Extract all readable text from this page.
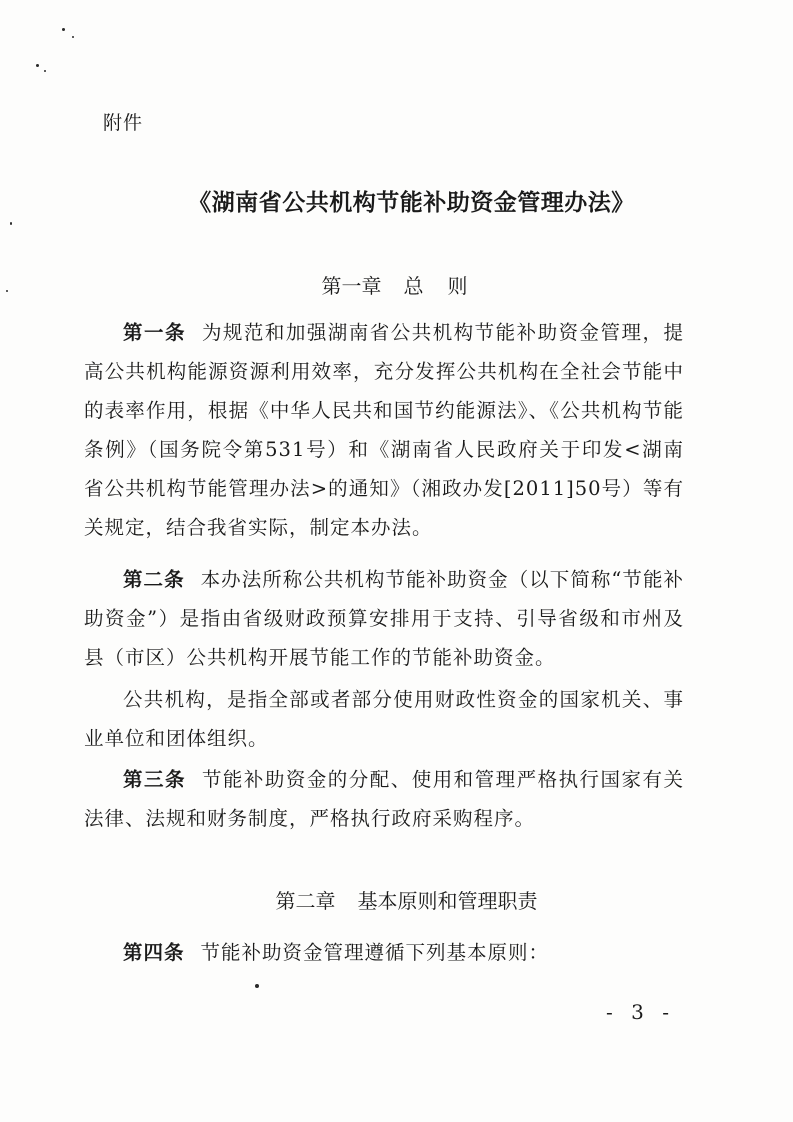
附件
《湖南省公共机构节能补助资金管理办法》
第一章 总则
第一条 为规范和加强湖南省公共机构节能补助资金管理，提高公共机构能源资源利用效率，充分发挥公共机构在全社会节能中的表率作用，根据《中华人民共和国节约能源法》、《公共机构节能条例》（国务院令第531号）和《湖南省人民政府关于印发<湖南省公共机构节能管理办法>的通知》（湘政办发[2011]50号）等有关规定，结合我省实际，制定本办法。
第二条 本办法所称公共机构节能补助资金（以下简称“节能补助资金”）是指由省级财政预算安排用于支持、引导省级和市州及县（市区）公共机构开展节能工作的节能补助资金。
公共机构，是指全部或者部分使用财政性资金的国家机关、事业单位和团体组织。
第三条 节能补助资金的分配、使用和管理严格执行国家有关法律、法规和财务制度，严格执行政府采购程序。
第二章 基本原则和管理职责
第四条 节能补助资金管理遵循下列基本原则：
- 3 -
